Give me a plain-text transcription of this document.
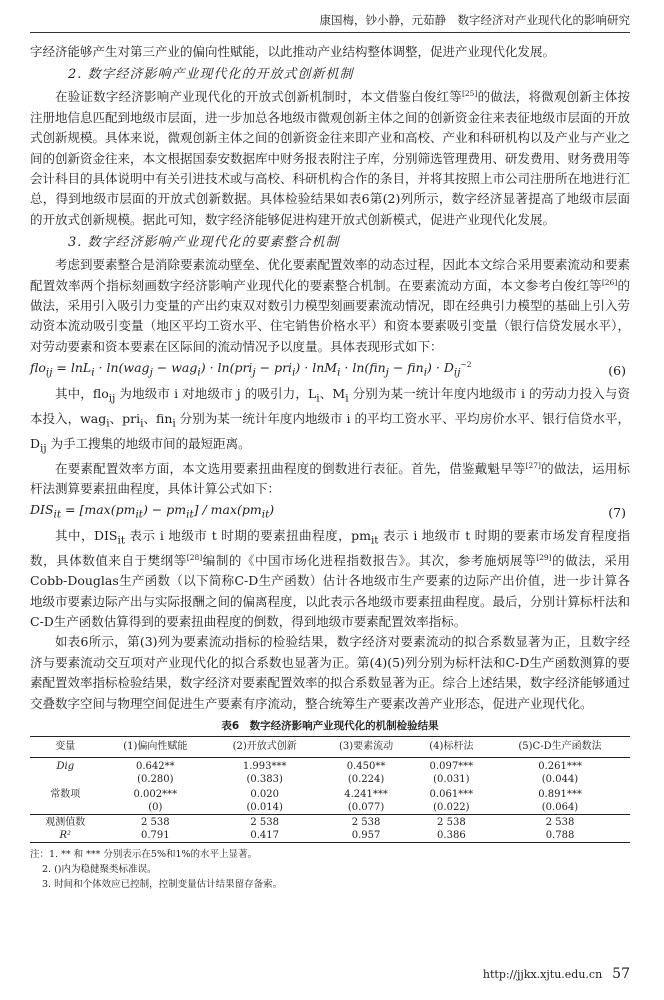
康国梅，钞小静，元茹静　数字经济对产业现代化的影响研究

字经济能够产生对第三产业的偏向性赋能，以此推动产业结构整体调整，促进产业现代化发展。

2. 数字经济影响产业现代化的开放式创新机制

在验证数字经济影响产业现代化的开放式创新机制时，本文借鉴白俊红等[25]的做法，将微观创新主体按注册地信息匹配到地级市层面，进一步加总各地级市微观创新主体之间的创新资金往来表征地级市层面的开放式创新规模。具体来说，微观创新主体之间的创新资金往来即产业和高校、产业和科研机构以及产业与产业之间的创新资金往来，本文根据国泰安数据库中财务报表附注子库，分别筛选管理费用、研发费用、财务费用等会计科目的具体说明中有关引进技术或与高校、科研机构合作的条目，并将其按照上市公司注册所在地进行汇总，得到地级市层面的开放式创新数据。具体检验结果如表6第(2)列所示，数字经济显著提高了地级市层面的开放式创新规模。据此可知，数字经济能够促进构建开放式创新模式，促进产业现代化发展。

3. 数字经济影响产业现代化的要素整合机制

考虑到要素整合是消除要素流动壁垒、优化要素配置效率的动态过程，因此本文综合采用要素流动和要素配置效率两个指标刻画数字经济影响产业现代化的要素整合机制。在要素流动方面，本文参考白俊红等[26]的做法，采用引入吸引力变量的产出约束双对数引力模型刻画要素流动情况，即在经典引力模型的基础上引入劳动资本流动吸引变量（地区平均工资水平、住宅销售价格水平）和资本要素吸引变量（银行信贷发展水平），对劳动要素和资本要素在区际间的流动情况予以度量。具体表现形式如下：

$flo_{ij} = \ln L_i \cdot \ln(wag_j - wag_i) \cdot \ln(pri_j - pri_i) \cdot \ln M_i \cdot \ln(fin_j - fin_i) \cdot D_{ij}^{-2}$	(6)

其中，flo$_{ij}$ 为地级市 i 对地级市 j 的吸引力，$L_i$、$M_i$ 分别为某一统计年度内地级市 i 的劳动力投入与资本投入，wag$_i$、pri$_i$、fin$_i$ 分别为某一统计年度内地级市 i 的平均工资水平、平均房价水平、银行信贷水平，$D_{ij}$ 为手工搜集的地级市间的最短距离。

在要素配置效率方面，本文选用要素扭曲程度的倒数进行表征。首先，借鉴戴魁早等[27]的做法，运用标杆法测算要素扭曲程度，具体计算公式如下：

$DIS_{it} = [\max(pm_{it}) - pm_{it}] / \max(pm_{it})$	(7)

其中，$DIS_{it}$ 表示 i 地级市 t 时期的要素扭曲程度，$pm_{it}$ 表示 i 地级市 t 时期的要素市场发育程度指数，具体数值来自于樊纲等[28]编制的《中国市场化进程指数报告》。其次，参考施炳展等[29]的做法，采用Cobb-Douglas生产函数（以下简称C-D生产函数）估计各地级市生产要素的边际产出价值，进一步计算各地级市要素边际产出与实际报酬之间的偏离程度，以此表示各地级市要素扭曲程度。最后，分别计算标杆法和C-D生产函数估算得到的要素扭曲程度的倒数，得到地级市要素配置效率指标。

如表6所示，第(3)列为要素流动指标的检验结果，数字经济对要素流动的拟合系数显著为正，且数字经济与要素流动交互项对产业现代化的拟合系数也显著为正。第(4)(5)列分别为标杆法和C-D生产函数测算的要素配置效率指标检验结果，数字经济对要素配置效率的拟合系数显著为正。综合上述结果，数字经济能够通过交叠数字空间与物理空间促进生产要素有序流动，整合统筹生产要素改善产业形态，促进产业现代化。

表6　数字经济影响产业现代化的机制检验结果
变量	(1)偏向性赋能	(2)开放式创新	(3)要素流动	(4)标杆法	(5)C-D生产函数法
Dig	0.642**	1.993***	0.450**	0.097***	0.261***
	(0.280)	(0.383)	(0.224)	(0.031)	(0.044)
常数项	0.002***	0.020	4.241***	0.061***	0.891***
	(0)	(0.014)	(0.077)	(0.022)	(0.064)
观测值数	2 538	2 538	2 538	2 538	2 538
R²	0.791	0.417	0.957	0.386	0.788
注：1. ** 和 *** 分别表示在5%和1%的水平上显著。
2. ()内为稳健聚类标准误。
3. 时间和个体效应已控制，控制变量估计结果留存备索。
http://jjkx.xjtu.edu.cn 57
